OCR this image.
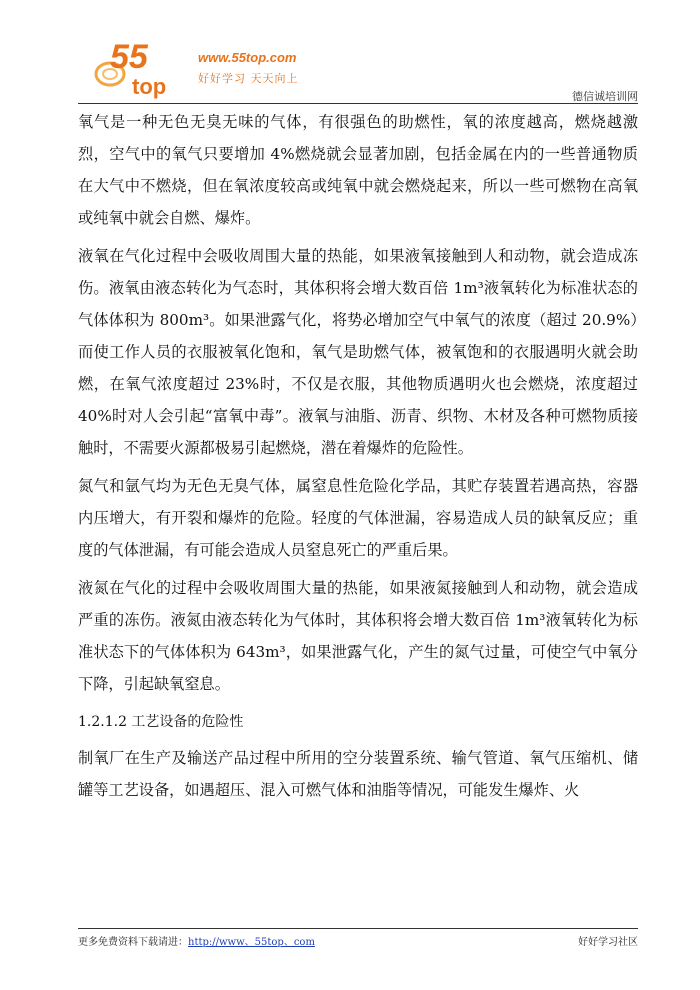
55
top
www.55top.com
好好学习 天天向上
德信诚培训网

氧气是一种无色无臭无味的气体，有很强色的助燃性，氧的浓度越高，燃烧越激烈，空气中的氧气只要增加 4%燃烧就会显著加剧，包括金属在内的一些普通物质在大气中不燃烧，但在氧浓度较高或纯氧中就会燃烧起来，所以一些可燃物在高氧或纯氧中就会自燃、爆炸。

液氧在气化过程中会吸收周围大量的热能，如果液氧接触到人和动物，就会造成冻伤。液氧由液态转化为气态时，其体积将会增大数百倍 1m³液氧转化为标准状态的气体体积为 800m³。如果泄露气化，将势必增加空气中氧气的浓度（超过 20.9%）而使工作人员的衣服被氧化饱和，氧气是助燃气体，被氧饱和的衣服遇明火就会助燃，在氧气浓度超过 23%时，不仅是衣服，其他物质遇明火也会燃烧，浓度超过 40%时对人会引起“富氧中毒”。液氧与油脂、沥青、织物、木材及各种可燃物质接触时，不需要火源都极易引起燃烧，潜在着爆炸的危险性。

氮气和氩气均为无色无臭气体，属窒息性危险化学品，其贮存装置若遇高热，容器内压增大，有开裂和爆炸的危险。轻度的气体泄漏，容易造成人员的缺氧反应；重度的气体泄漏，有可能会造成人员窒息死亡的严重后果。

液氮在气化的过程中会吸收周围大量的热能，如果液氮接触到人和动物，就会造成严重的冻伤。液氮由液态转化为气体时，其体积将会增大数百倍 1m³液氧转化为标准状态下的气体体积为 643m³，如果泄露气化，产生的氮气过量，可使空气中氧分下降，引起缺氧窒息。

1.2.1.2 工艺设备的危险性

制氧厂在生产及输送产品过程中所用的空分装置系统、输气管道、氧气压缩机、储罐等工艺设备，如遇超压、混入可燃气体和油脂等情况，可能发生爆炸、火

更多免费资料下载请进：http://www、55top、com	好好学习社区
